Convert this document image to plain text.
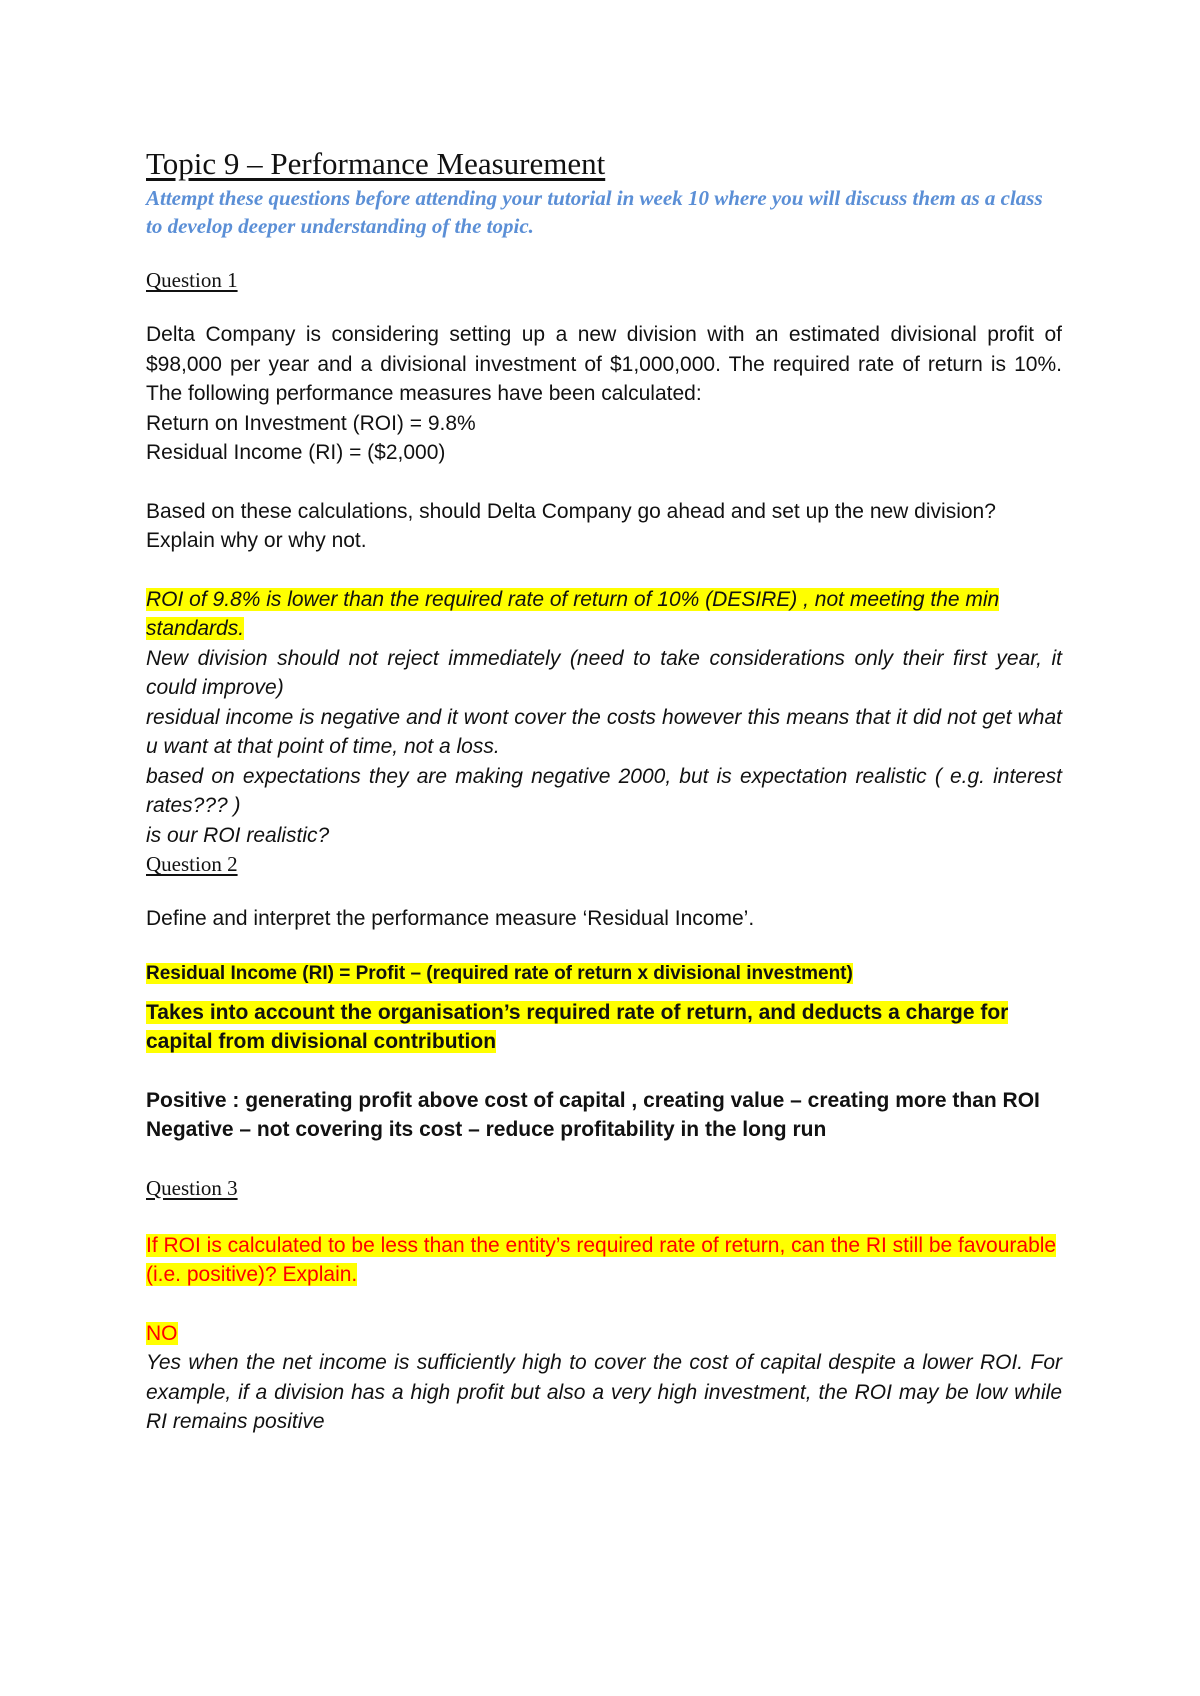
Topic 9 – Performance Measurement

Attempt these questions before attending your tutorial in week 10 where you will discuss them as a class to develop deeper understanding of the topic.

Question 1

Delta Company is considering setting up a new division with an estimated divisional profit of $98,000 per year and a divisional investment of $1,000,000. The required rate of return is 10%. The following performance measures have been calculated:

Return on Investment (ROI) = 9.8%

Residual Income (RI) = ($2,000)

Based on these calculations, should Delta Company go ahead and set up the new division? Explain why or why not.

ROI of 9.8% is lower than the required rate of return of 10% (DESIRE) , not meeting the min standards.

New division should not reject immediately (need to take considerations only their first year, it could improve)

residual income is negative and it wont cover the costs however this means that it did not get what u want at that point of time, not a loss.

based on expectations they are making negative 2000, but is expectation realistic ( e.g. interest rates??? )

is our ROI realistic?

Question 2

Define and interpret the performance measure ‘Residual Income’.

Residual Income (RI) = Profit – (required rate of return x divisional investment)

Takes into account the organisation’s required rate of return, and deducts a charge for capital from divisional contribution

Positive : generating profit above cost of capital , creating value – creating more than ROI

Negative – not covering its cost – reduce profitability in the long run

Question 3

If ROI is calculated to be less than the entity’s required rate of return, can the RI still be favourable (i.e. positive)? Explain.

NO

Yes when the net income is sufficiently high to cover the cost of capital despite a lower ROI. For example, if a division has a high profit but also a very high investment, the ROI may be low while RI remains positive
